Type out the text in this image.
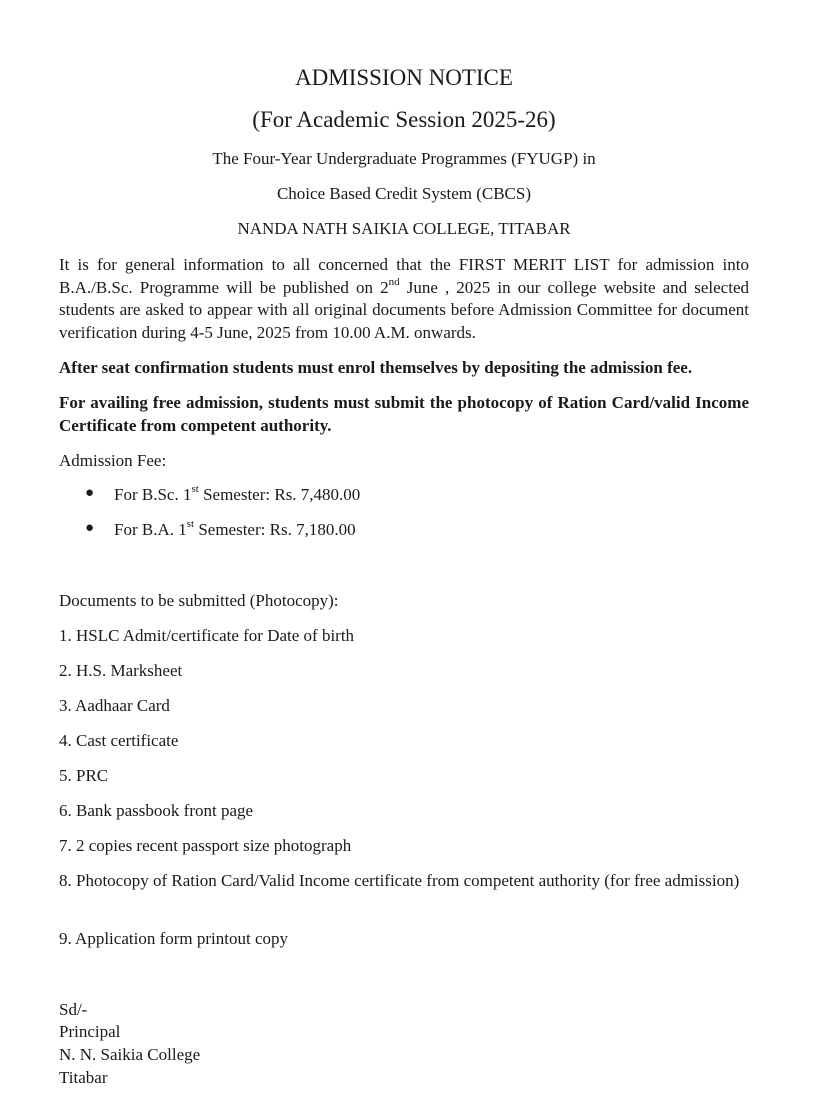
ADMISSION NOTICE
(For Academic Session 2025-26)
The Four-Year Undergraduate Programmes (FYUGP) in
Choice Based Credit System (CBCS)
NANDA NATH SAIKIA COLLEGE, TITABAR
It is for general information to all concerned that the FIRST MERIT LIST for admission into B.A./B.Sc. Programme will be published on 2nd June , 2025 in our college website and selected students are asked to appear with all original documents before Admission Committee for document verification during 4-5 June, 2025 from 10.00 A.M. onwards.
After seat confirmation students must enrol themselves by depositing the admission fee.
For availing free admission, students must submit the photocopy of Ration Card/valid Income Certificate from competent authority.
Admission Fee:
● For B.Sc. 1st Semester: Rs. 7,480.00
● For B.A. 1st Semester: Rs. 7,180.00
Documents to be submitted (Photocopy):
1. HSLC Admit/certificate for Date of birth
2. H.S. Marksheet
3. Aadhaar Card
4. Cast certificate
5. PRC
6. Bank passbook front page
7. 2 copies recent passport size photograph
8. Photocopy of Ration Card/Valid Income certificate from competent authority (for free admission)
9. Application form printout copy
Sd/-
Principal
N. N. Saikia College
Titabar
